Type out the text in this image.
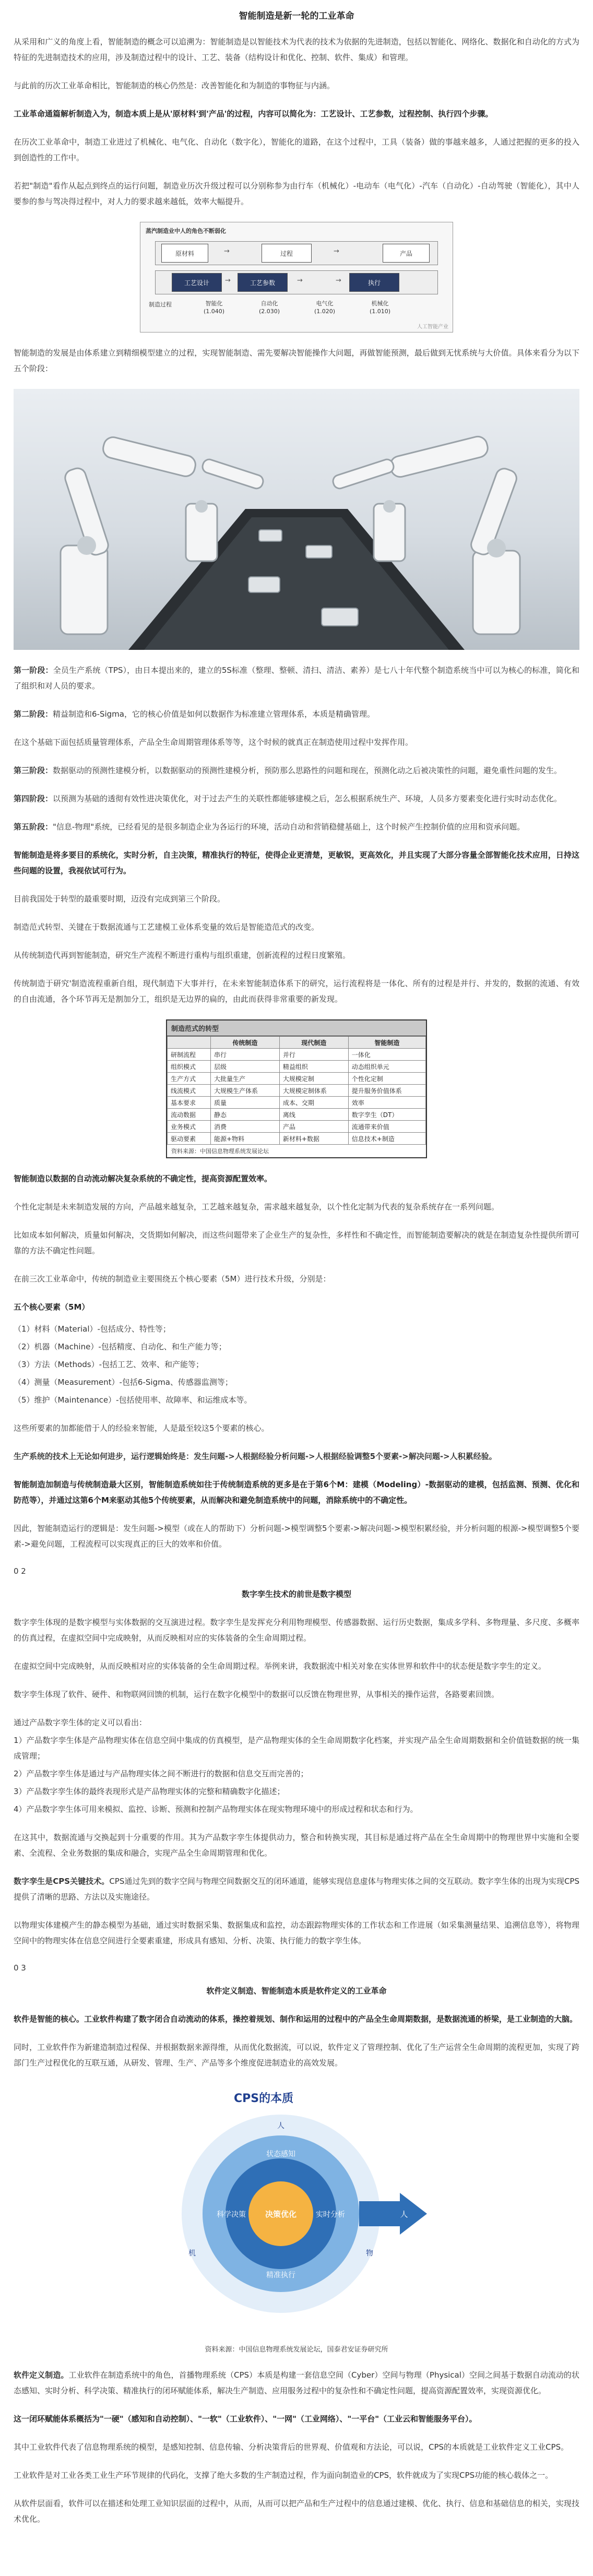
智能制造是新一轮的工业革命

从采用和广义的角度上看，智能制造的概念可以追溯为：智能制造是以智能技术为代表的技术为依据的先进制造，包括以智能化、网络化、数据化和自动化的方式为特征的先进制造技术的应用，涉及制造过程中的设计、工艺、装备（结构设计和优化、控制、软件、集成）和管理。

与此前的历次工业革命相比，智能制造的核心仍然是：改善智能化和为制造的事物征与内涵。

工业革命通篇解析制造入为，制造本质上是从'原材料'到'产品'的过程，内容可以简化为：工艺设计、工艺参数，过程控制、执行四个步骤。

在历次工业革命中，制造工业进过了机械化、电气化、自动化（数字化），智能化的道路，在这个过程中，工具（装备）做的事越来越多，人通过把握的更多的投入到创造性的工作中。

若把"制造"看作从起点到终点的运行问题，制造业历次升级过程可以分别称参为由行车（机械化）-电动车（电气化）-汽车（自动化）-自动驾驶（智能化），其中人要参的参与驾决得过程中，对人力的要求越来越低，效率大幅提升。

蒸汽制造业中人的角色不断弱化
原材料	过程	产品
工艺设计	工艺参数	执行
→	→
→	→	→
制造过程	智能化
(1.040)
自动化
(2.030)
电气化
(1.020)
机械化
(1.010)
人工智能产业

智能制造的发展是由体系建立到精细模型建立的过程，实现智能制造、需先要解决智能操作大问题，再做智能预测，最后做到无忧系统与大价值。具体来看分为以下五个阶段：

第一阶段：全员生产系统（TPS），由日本提出来的，建立的5S标准（整理、整顿、清扫、清洁、素养）是七八十年代整个制造系统当中可以为核心的标准，简化和了组织和对人员的要求。

第二阶段：精益制造和6-Sigma，它的核心价值是如何以数据作为标准建立管理体系，本质是精确管理。

在这个基础下面包括质量管理体系，产品全生命周期管理体系等等，这个时候的就真正在制造使用过程中发挥作用。

第三阶段：数据驱动的预测性建模分析，以数据驱动的预测性建模分析，预防那么思路性的问题和现在，预测化动之后被决策性的问题，避免重性问题的发生。

第四阶段：以预测为基础的透彻有效性进决策优化，对于过去产生的关联性都能够建模之后，怎么根据系统生产、环境，人员多方要素变化进行实时动态优化。

第五阶段："信息-物理"系统，已经看见的是很多制造企业为各运行的环境，活动自动和营销稳健基础上，这个时候产生控制价值的应用和资承问题。

智能制造是将多要目的系统化，实时分析，自主决策，精准执行的特征，使得企业更清楚，更敏锐，更高效化，并且实现了大部分容量全部智能化技术应用，日持这些问题的设置，我视依试可行为。

目前我国处于转型的最重要时期，迈没有完成到第三个阶段。

制造范式转型、关键在于数据流通与工艺建模工业体系变量的效后是智能造范式的改变。

从传统制造代再到智能制造，研究生产流程不断进行重构与组织重建，创新流程的过程日度繁殖。

传统制造于研究'制造流程重新自组，现代制造下大事并行，在未来智能制造体系下的研究，运行流程将是一体化、所有的过程是并行、并发的，数据的流通、有效的自由流通，各个环节再无是割加分工，组织是无边界的扁的，由此而获得非常重要的新发现。

制造范式的转型
	传统制造	现代制造	智能制造
研制流程	串行	并行	一体化
组织模式	层级	精益组织	动态组织单元
生产方式	大批量生产	大规模定制	个性化定制
线流模式	大规模生产体系	大规模定制体系	提升服务价值体系
基本要求	质量	成本、交期	效率
流动数据	静态	离线	数字孪生（DT）
业务模式	消费	产品	流通带来价值
驱动要素	能源+物料	新材料+数据	信息技术+制造
资料来源：中国信息物理系统发展论坛

智能制造以数据的自动流动解决复杂系统的不确定性，提高资源配置效率。

个性化定制是未来制造发展的方向，产品越来越复杂，工艺越来越复杂，需求越来越复杂，以个性化定制为代表的复杂系统存在一系列问题。

比如成本如何解决，质量如何解决，交货期如何解决，而这些问题带来了企业生产的复杂性，多样性和不确定性，而智能制造要解决的就是在制造复杂性提供所谓可靠的方法不确定性问题。

在前三次工业革命中，传统的制造业主要围绕五个核心要素（5M）进行技术升级，分别是：

五个核心要素（5M）

（1）材料（Material）-包括成分、特性等；

（2）机器（Machine）-包括精度、自动化、和生产能力等；

（3）方法（Methods）-包括工艺、效率、和产能等；

（4）测量（Measurement）-包括6-Sigma、传感器监测等；

（5）维护（Maintenance）-包括使用率、故障率、和运维成本等。

这些所要素的加都能借于人的经验来智能，人是最至较这5个要素的核心。

生产系统的技术上无论如何进步，运行逻辑始终是：发生问题->人根据经验分析问题->人根据经验调整5个要素->解决问题->人积累经验。

智能制造加制造与传统制造最大区别，智能制造系统如往于传统制造系统的更多是在于第6个M：建模（Modeling）-数据驱动的建模，包括监测、预测、优化和防范等），并通过这第6个M来驱动其他5个传统要素，从而解决和避免制造系统中的问题，消除系统中的不确定性。

因此，智能制造运行的逻辑是：发生问题->模型（或在人的帮助下）分析问题->模型调整5个要素->解决问题->模型积累经验，并分析问题的根源->模型调整5个要素->避免问题，工程流程可以实现真正的巨大的效率和价值。

0 2

数字孪生技术的前世是数字模型

数字孪生体现的是数字模型与实体数据的交互演进过程。数字孪生是发挥充分利用物理模型、传感器数据、运行历史数据，集成多学科、多物理量、多尺度、多概率的仿真过程，在虚拟空间中完成映射，从而反映相对应的实体装备的全生命周期过程。

在虚拟空间中完成映射，从而反映相对应的实体装备的全生命周期过程。举例来讲，我数据流中相关对象在实体世界和软件中的状态便是数字孪生的定义。

数字孪生体现了软件、硬件、和物联网回馈的机制，运行在数字化模型中的数据可以反馈在物理世界，从事相关的操作运营，各路要素回馈。

通过产品数字孪生体的定义可以看出：

1）产品数字孪生体是产品物理实体在信息空间中集成的仿真模型，是产品物理实体的全生命周期数字化档案，并实现产品全生命周期数据和全价值链数据的统一集成管理；

2）产品数字孪生体是通过与产品物理实体之间不断进行的数据和信息交互而完善的；

3）产品数字孪生体的最终表现形式是产品物理实体的完整和精确数字化描述；

4）产品数字孪生体可用来模拟、监控、诊断、预测和控制产品物理实体在现实物理环境中的形成过程和状态和行为。

在这其中，数据流通与交换起到十分重要的作用。其为产品数字孪生体提供动力，整合和转换实现，其目标是通过将产品在全生命周期中的物理世界中实施和全要素、全流程、全业务数据的集成和融合，实现产品全生命周期管理和优化。

数字孪生是CPS关键技术。CPS通过先到的数字空间与物理空间数据交互的闭环通道，能够实现信息虚体与物理实体之间的交互联动。数字孪生体的出现为实现CPS提供了清晰的思路、方法以及实施途径。

以物理实体建模产生的静态模型为基础，通过实时数据采集、数据集成和监控，动态跟踪物理实体的工作状态和工作进展（如采集测量结果、追溯信息等），将物理空间中的物理实体在信息空间进行全要素重建，形成具有感知、分析、决策、执行能力的数字孪生体。

0 3

软件定义制造、智能制造本质是软件定义的工业革命

软件是智能的核心。工业软件构建了数字闭合自动流动的体系，操控着规划、制作和运用的过程中的产品全生命周期数据，是数据流通的桥梁，是工业制造的大脑。

同时，工业软件作为新建造制造过程保、并根据数据来源得维，从而优化数据流，可以说，软件定义了管理控制、优化了生产运营全生命周期的流程更加，实现了跨部门生产过程优化的互联互通，从研发、管理、生产、产品等多个维度促进制造业的高效发展。

CPS的本质
决策优化
状态感知
实时分析
精准执行
科学决策
人
机	物
人
资料来源：中国信息物理系统发展论坛，国泰君安证券研究所

软件定义制造。工业软件在制造系统中的角色，首播物理系统（CPS）本质是构建一套信息空间（Cyber）空间与物理（Physical）空间之间基于数据自动流动的状态感知、实时分析、科学决策、精准执行的闭环赋能体系，解决生产制造、应用服务过程中的复杂性和不确定性问题，提高资源配置效率，实现资源优化。

这一闭环赋能体系概括为"一硬"（感知和自动控制）、"一软"（工业软件）、"一网"（工业网络）、"一平台"（工业云和智能服务平台）。

其中工业软件代表了信息物理系统的模型，是感知控制、信息传输、分析决策背后的世界观、价值观和方法论，可以说，CPS的本质就是工业软件定义工业CPS。

工业软件是对工业各类工业生产环节规律的代码化，支撑了绝大多数的生产制造过程，作为面向制造业的CPS，软件就成为了实现CPS功能的核心载体之一。

从软件层面看，软件可以在描述和处理工业知识层面的过程中，从而，从而可以把产品和生产过程中的信息通过建模、优化、执行、信息和基础信息的相关，实现技术优化。
